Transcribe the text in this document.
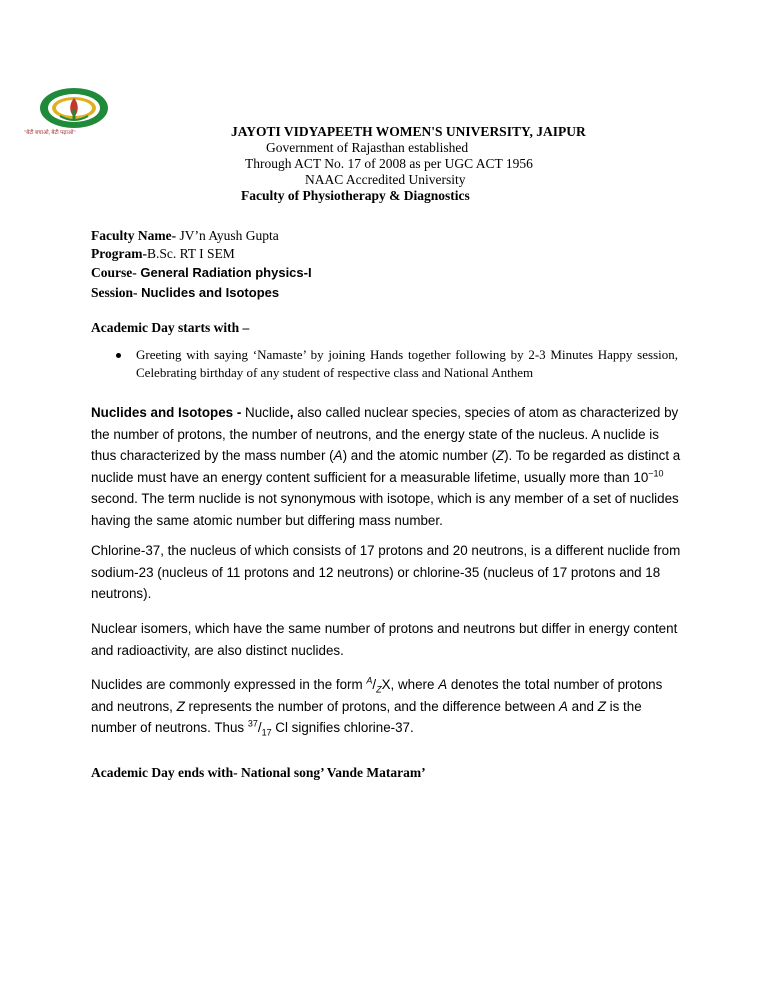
"बेटी बचाओ, बेटी पढ़ाओ"	JAYOTI VIDYAPEETH WOMEN'S UNIVERSITY, JAIPUR
Government of Rajasthan established
Through ACT No. 17 of 2008 as per UGC ACT 1956
NAAC Accredited University
Faculty of Physiotherapy & Diagnostics
Faculty Name- JV’n Ayush Gupta
Program-B.Sc. RT I SEM
Course- General Radiation physics-I
Session- Nuclides and Isotopes
Academic Day starts with –
Greeting with saying ‘Namaste’ by joining Hands together following by 2-3 Minutes Happy session, Celebrating birthday of any student of respective class and National Anthem
Nuclides and Isotopes - Nuclide, also called nuclear species, species of atom as characterized by the number of protons, the number of neutrons, and the energy state of the nucleus. A nuclide is thus characterized by the mass number (A) and the atomic number (Z). To be regarded as distinct a nuclide must have an energy content sufficient for a measurable lifetime, usually more than $10^{-10}$ second. The term nuclide is not synonymous with isotope, which is any member of a set of nuclides having the same atomic number but differing mass number.
Chlorine-37, the nucleus of which consists of 17 protons and 20 neutrons, is a different nuclide from sodium-23 (nucleus of 11 protons and 12 neutrons) or chlorine-35 (nucleus of 17 protons and 18 neutrons).
Nuclear isomers, which have the same number of protons and neutrons but differ in energy content and radioactivity, are also distinct nuclides.
Nuclides are commonly expressed in the form $^A/_ZX$, where A denotes the total number of protons and neutrons, Z represents the number of protons, and the difference between A and Z is the number of neutrons. Thus $^{37}/_{17}$ Cl signifies chlorine-37.
Academic Day ends with- National song’ Vande Mataram’
